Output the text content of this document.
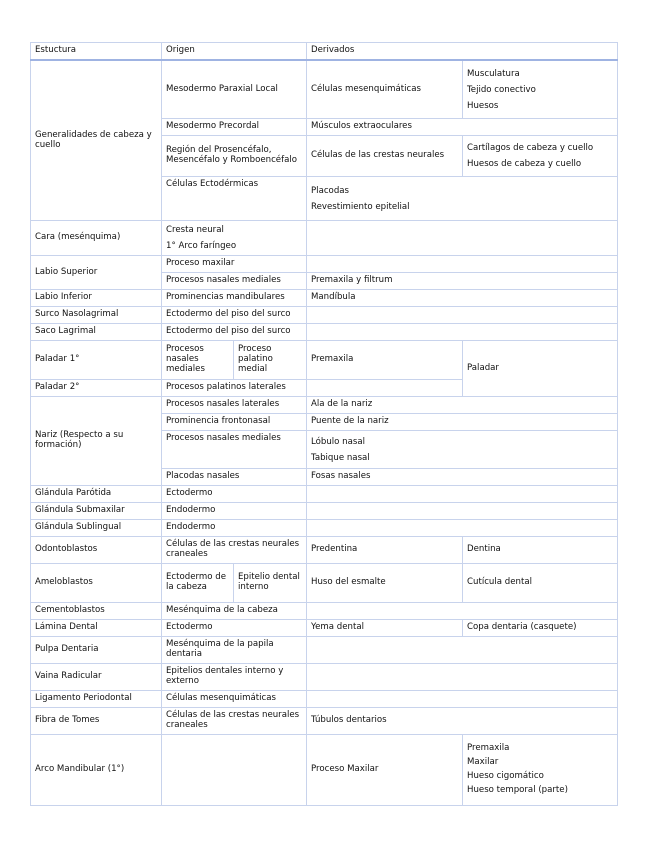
Estuctura	Origen		Derivados	
Generalidades de cabeza y cuello	Mesodermo Paraxial Local		Células mesenquimáticas	Musculatura
Tejido conectivo
Huesos

	Mesodermo Precordal		Músculos extraoculares	
	Región del Prosencéfalo, Mesencéfalo y Romboencéfalo		Células de las crestas neurales	Cartílagos de cabeza y cuello
Huesos de cabeza y cuello

	Células Ectodérmicas		Placodas
Revestimiento epitelial	

Cara (mesénquima)	Cresta neural
1° Arco faríngeo			

Labio Superior	Proceso maxilar			
	Procesos nasales mediales		Premaxila y filtrum	
Labio Inferior	Prominencias mandibulares		Mandíbula	
Surco Nasolagrimal	Ectodermo del piso del surco			
Saco Lagrimal	Ectodermo del piso del surco			
Paladar 1°	Procesos nasales mediales	Proceso palatino medial	Premaxila	Paladar
Paladar 2°	Procesos palatinos laterales			
Nariz (Respecto a su formación)	Procesos nasales laterales		Ala de la nariz	
	Prominencia frontonasal		Puente de la nariz	
	Procesos nasales mediales		Lóbulo nasal
Tabique nasal	

	Placodas nasales		Fosas nasales	
Glándula Parótida	Ectodermo			
Glándula Submaxilar	Endodermo			
Glándula Sublingual	Endodermo			
Odontoblastos	Células de las crestas neurales craneales		Predentina	Dentina
Ameloblastos	Ectodermo de la cabeza	Epitelio dental interno	Huso del esmalte	Cutícula dental
Cementoblastos	Mesénquima de la cabeza			
Lámina Dental	Ectodermo		Yema dental	Copa dentaria (casquete)
Pulpa Dentaria	Mesénquima de la papila dentaria			
Vaina Radicular	Epitelios dentales interno y externo			
Ligamento Periodontal	Células mesenquimáticas			
Fibra de Tomes	Células de las crestas neurales craneales		Túbulos dentarios	
Arco Mandibular (1°)			Proceso Maxilar	Premaxila
Maxilar
Hueso cigomático
Hueso temporal (parte)
